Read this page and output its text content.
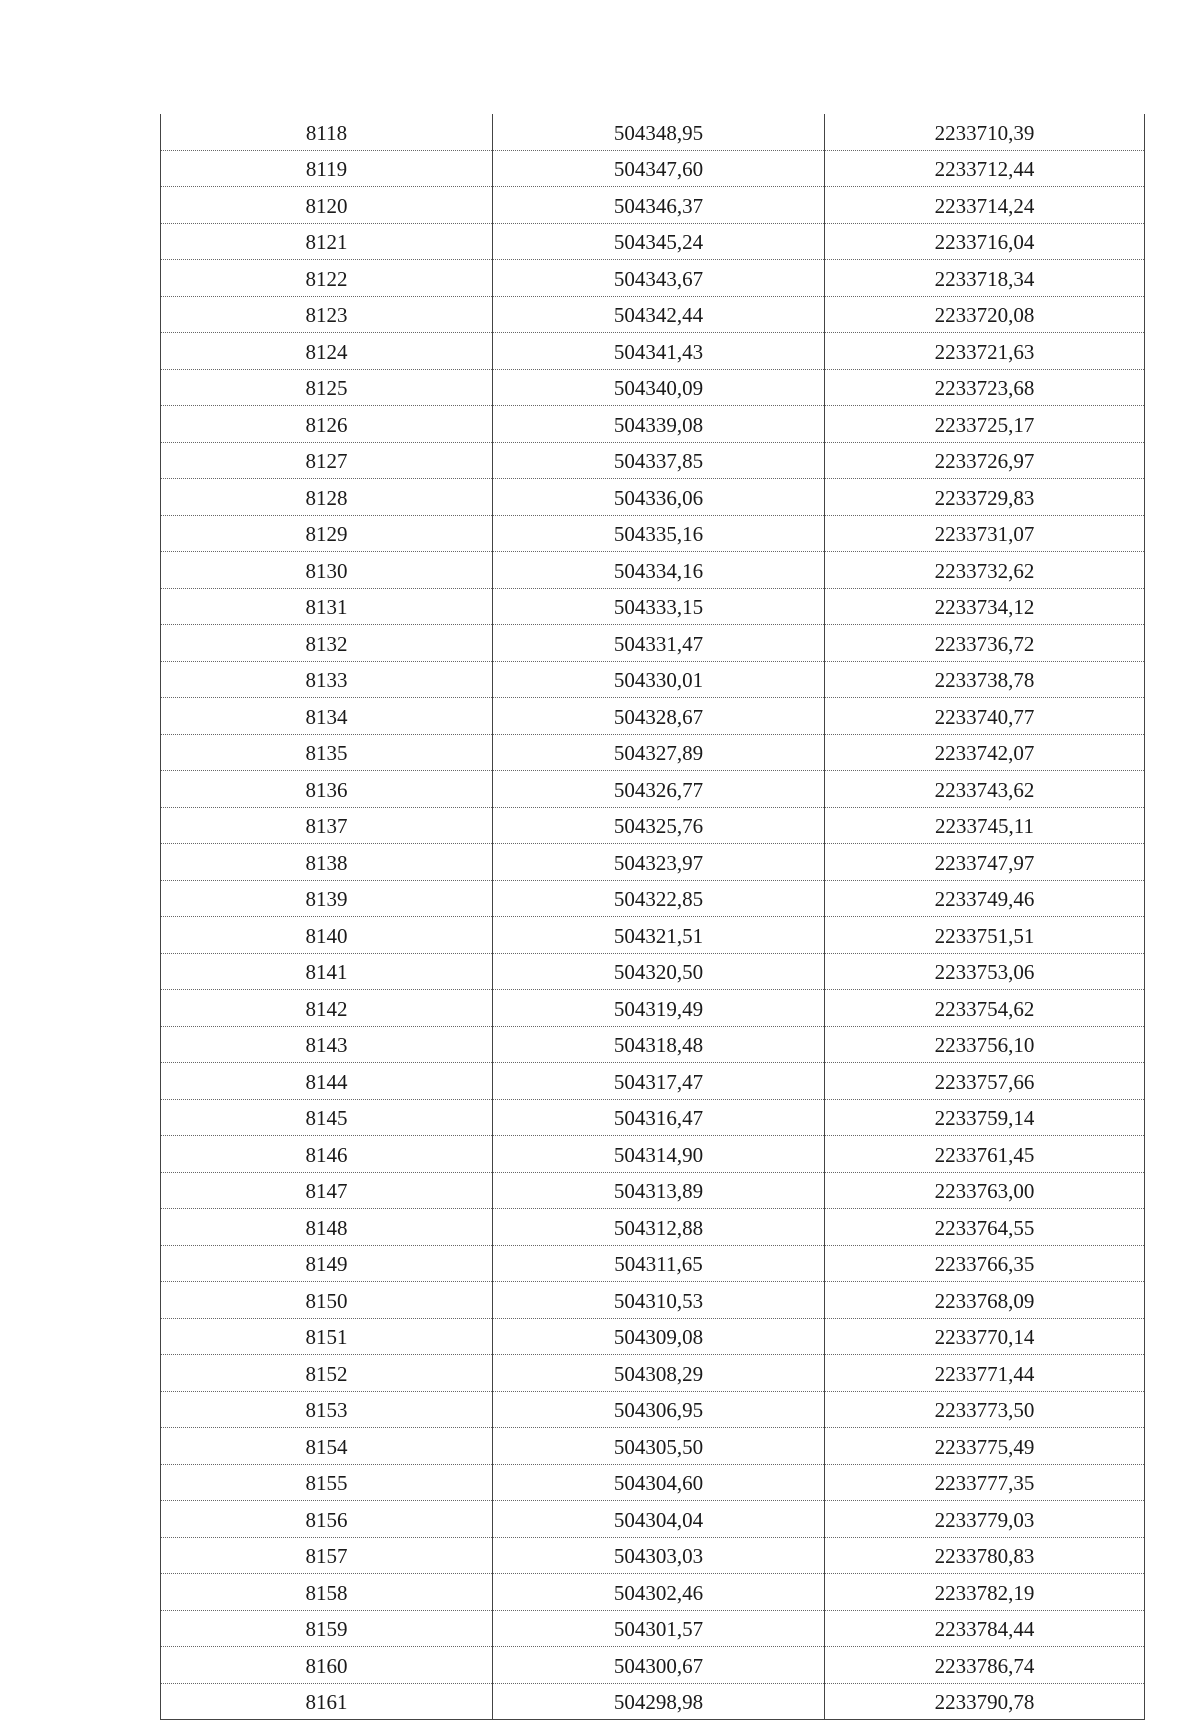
8118	504348,95	2233710,39
8119	504347,60	2233712,44
8120	504346,37	2233714,24
8121	504345,24	2233716,04
8122	504343,67	2233718,34
8123	504342,44	2233720,08
8124	504341,43	2233721,63
8125	504340,09	2233723,68
8126	504339,08	2233725,17
8127	504337,85	2233726,97
8128	504336,06	2233729,83
8129	504335,16	2233731,07
8130	504334,16	2233732,62
8131	504333,15	2233734,12
8132	504331,47	2233736,72
8133	504330,01	2233738,78
8134	504328,67	2233740,77
8135	504327,89	2233742,07
8136	504326,77	2233743,62
8137	504325,76	2233745,11
8138	504323,97	2233747,97
8139	504322,85	2233749,46
8140	504321,51	2233751,51
8141	504320,50	2233753,06
8142	504319,49	2233754,62
8143	504318,48	2233756,10
8144	504317,47	2233757,66
8145	504316,47	2233759,14
8146	504314,90	2233761,45
8147	504313,89	2233763,00
8148	504312,88	2233764,55
8149	504311,65	2233766,35
8150	504310,53	2233768,09
8151	504309,08	2233770,14
8152	504308,29	2233771,44
8153	504306,95	2233773,50
8154	504305,50	2233775,49
8155	504304,60	2233777,35
8156	504304,04	2233779,03
8157	504303,03	2233780,83
8158	504302,46	2233782,19
8159	504301,57	2233784,44
8160	504300,67	2233786,74
8161	504298,98	2233790,78
